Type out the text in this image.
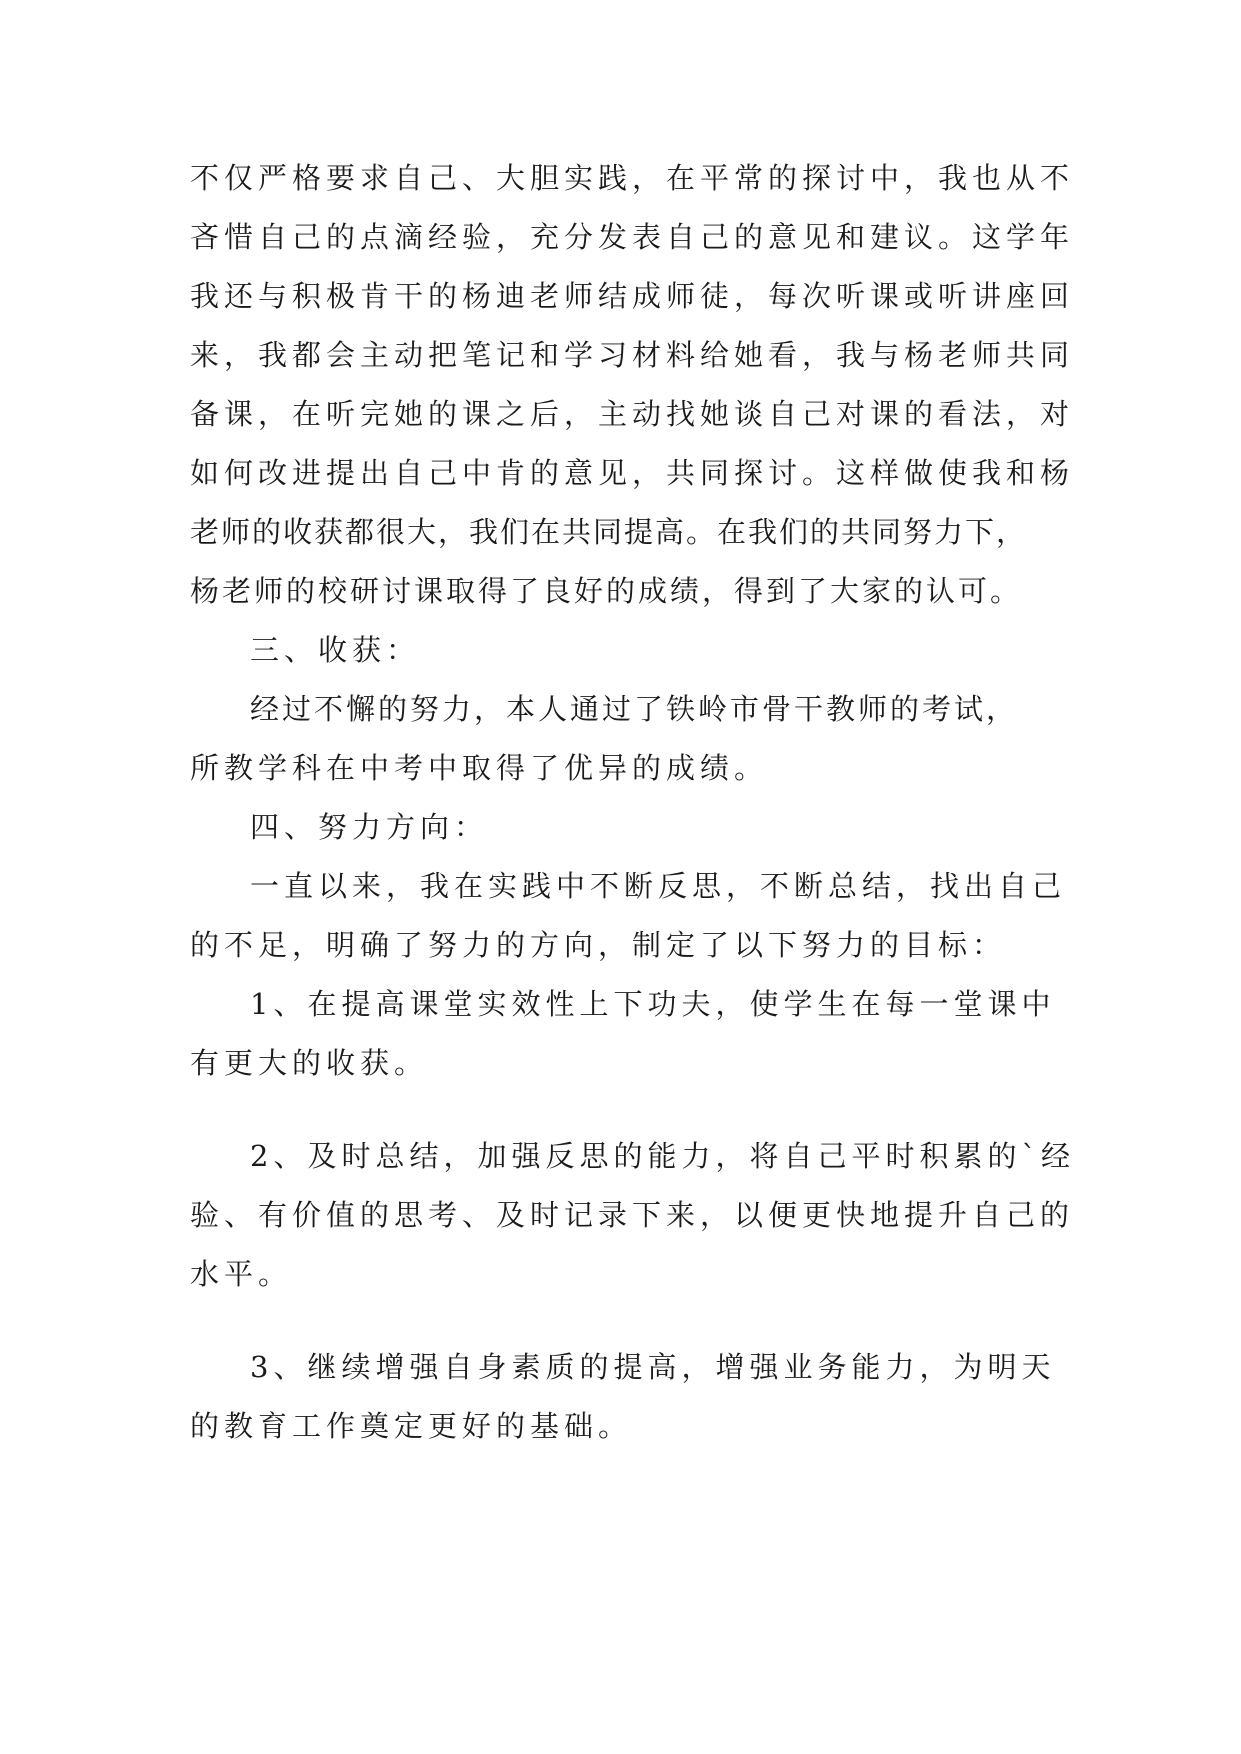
不仅严格要求自己、大胆实践，在平常的探讨中，我也从不
吝惜自己的点滴经验，充分发表自己的意见和建议。这学年
我还与积极肯干的杨迪老师结成师徒，每次听课或听讲座回
来，我都会主动把笔记和学习材料给她看，我与杨老师共同
备课，在听完她的课之后，主动找她谈自己对课的看法，对
如何改进提出自己中肯的意见，共同探讨。这样做使我和杨
老师的收获都很大，我们在共同提高。在我们的共同努力下，
杨老师的校研讨课取得了良好的成绩，得到了大家的认可。
三、收获：
经过不懈的努力，本人通过了铁岭市骨干教师的考试，
所教学科在中考中取得了优异的成绩。
四、努力方向：
一直以来，我在实践中不断反思，不断总结，找出自己
的不足，明确了努力的方向，制定了以下努力的目标：
1、在提高课堂实效性上下功夫，使学生在每一堂课中
有更大的收获。
2、及时总结，加强反思的能力，将自己平时积累的`经
验、有价值的思考、及时记录下来，以便更快地提升自己的
水平。
3、继续增强自身素质的提高，增强业务能力，为明天
的教育工作奠定更好的基础。
